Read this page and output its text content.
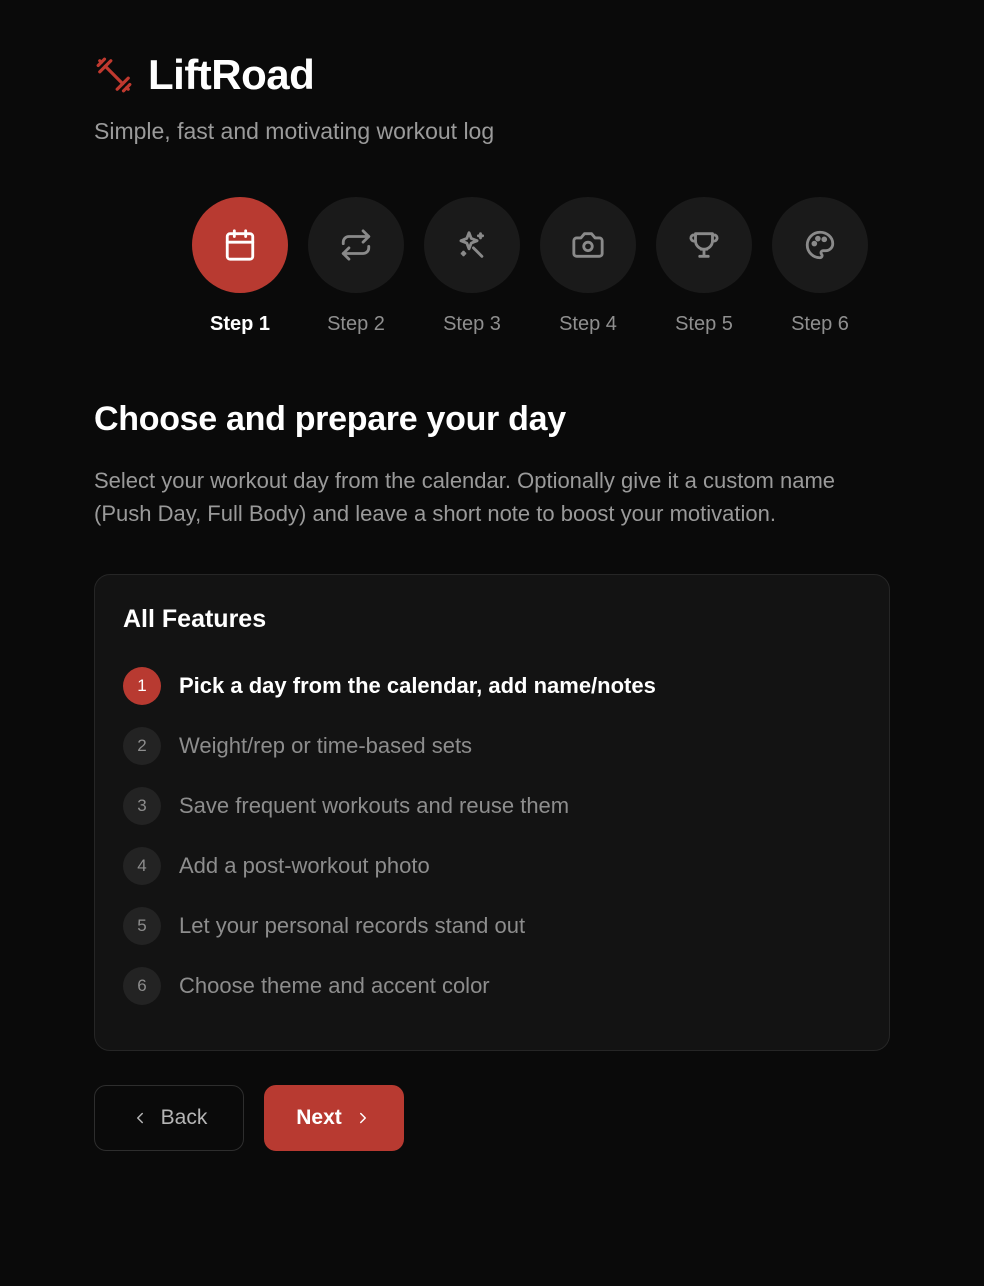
LiftRoad

Simple, fast and motivating workout log

Step 1	Step 2	Step 3	Step 4	Step 5	Step 6
Choose and prepare your day

Select your workout day from the calendar. Optionally give it a custom name (Push Day, Full Body) and leave a short note to boost your motivation.

All Features
1	Pick a day from the calendar, add name/notes
2	Weight/rep or time-based sets
3	Save frequent workouts and reuse them
4	Add a post-workout photo
5	Let your personal records stand out
6	Choose theme and accent color
Back	Next
